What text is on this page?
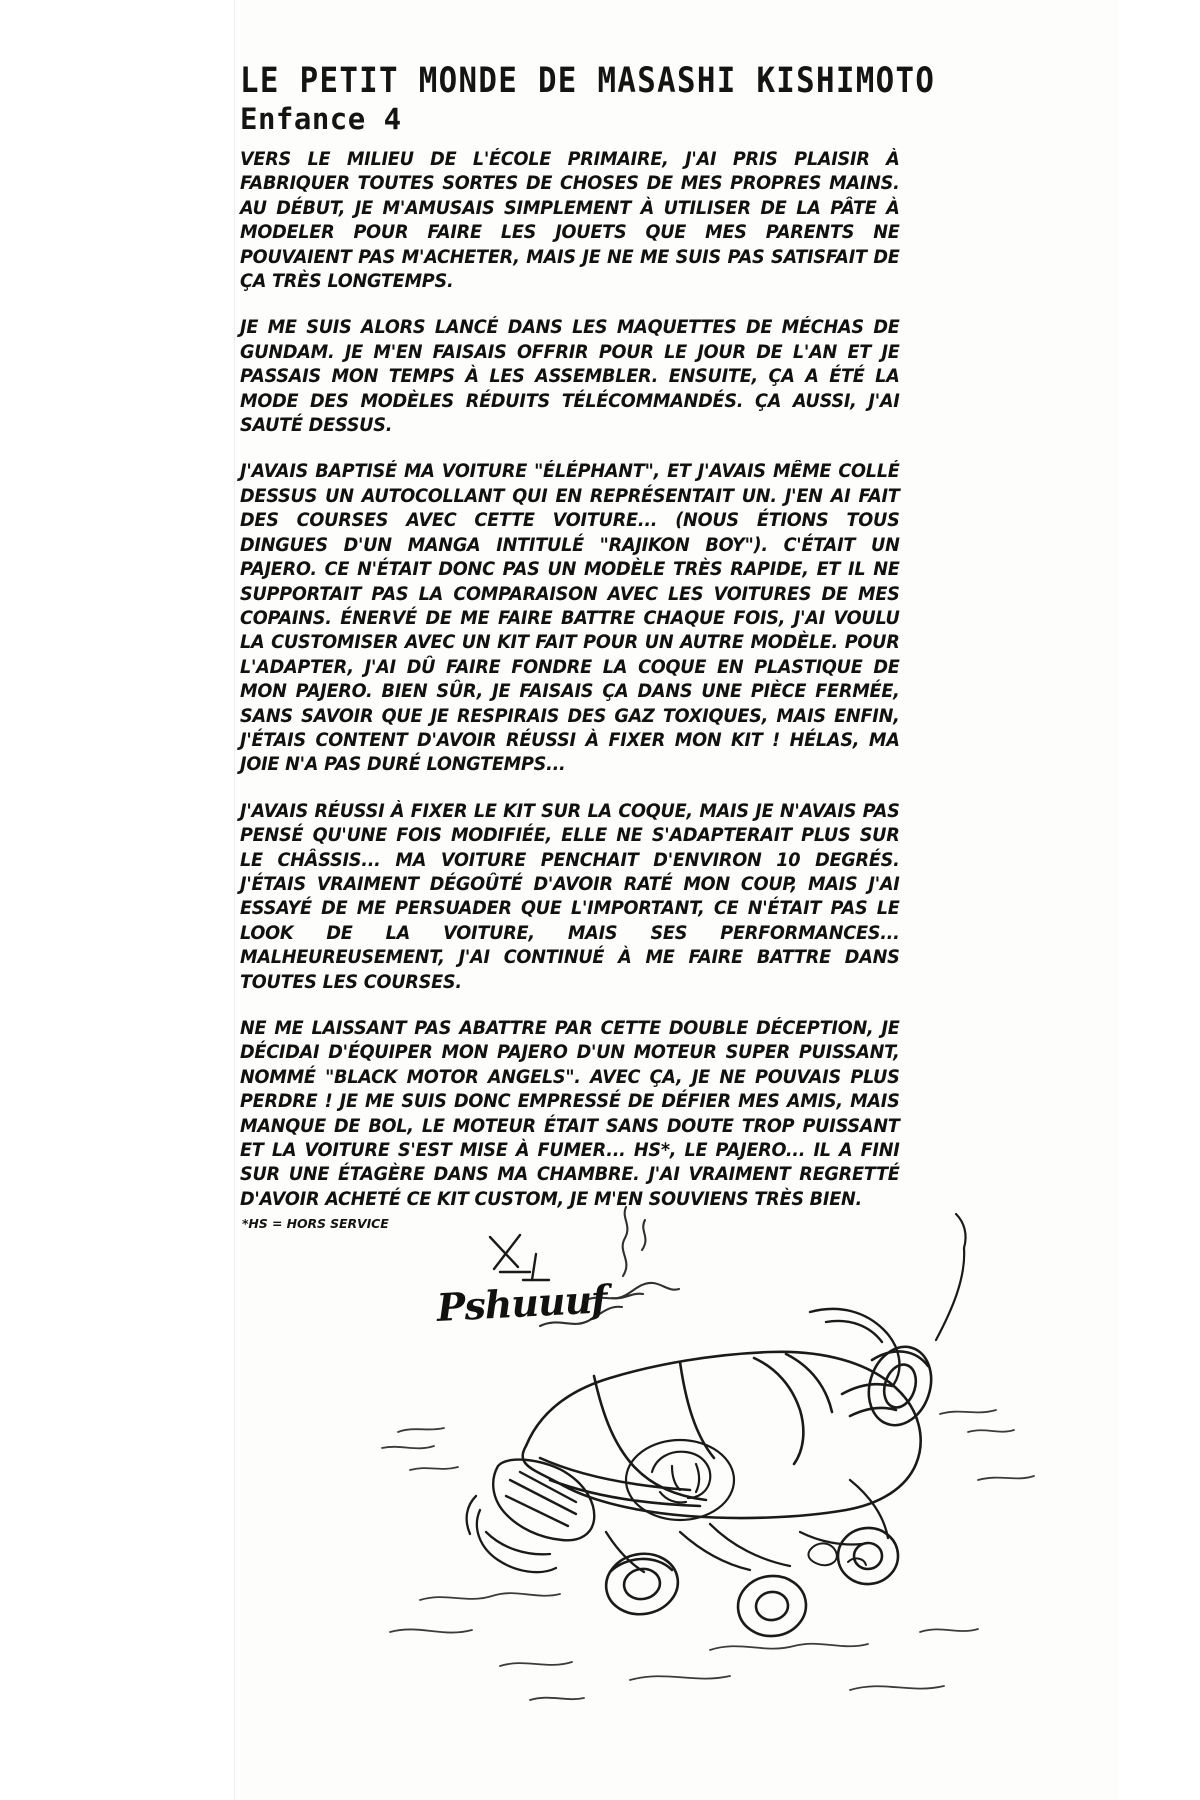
LE PETIT MONDE DE MASASHI KISHIMOTO
Enfance 4

VERS LE MILIEU DE L'ÉCOLE PRIMAIRE, J'AI PRIS PLAISIR À FABRIQUER TOUTES SORTES DE CHOSES DE MES PROPRES MAINS. AU DÉBUT, JE M'AMUSAIS SIMPLEMENT À UTILISER DE LA PÂTE À MODELER POUR FAIRE LES JOUETS QUE MES PARENTS NE POUVAIENT PAS M'ACHETER, MAIS JE NE ME SUIS PAS SATISFAIT DE ÇA TRÈS LONGTEMPS.

JE ME SUIS ALORS LANCÉ DANS LES MAQUETTES DE MÉCHAS DE GUNDAM. JE M'EN FAISAIS OFFRIR POUR LE JOUR DE L'AN ET JE PASSAIS MON TEMPS À LES ASSEMBLER. ENSUITE, ÇA A ÉTÉ LA MODE DES MODÈLES RÉDUITS TÉLÉCOMMANDÉS. ÇA AUSSI, J'AI SAUTÉ DESSUS.

J'AVAIS BAPTISÉ MA VOITURE "ÉLÉPHANT", ET J'AVAIS MÊME COLLÉ DESSUS UN AUTOCOLLANT QUI EN REPRÉSENTAIT UN. J'EN AI FAIT DES COURSES AVEC CETTE VOITURE... (NOUS ÉTIONS TOUS DINGUES D'UN MANGA INTITULÉ "RAJIKON BOY"). C'ÉTAIT UN PAJERO. CE N'ÉTAIT DONC PAS UN MODÈLE TRÈS RAPIDE, ET IL NE SUPPORTAIT PAS LA COMPARAISON AVEC LES VOITURES DE MES COPAINS. ÉNERVÉ DE ME FAIRE BATTRE CHAQUE FOIS, J'AI VOULU LA CUSTOMISER AVEC UN KIT FAIT POUR UN AUTRE MODÈLE. POUR L'ADAPTER, J'AI DÛ FAIRE FONDRE LA COQUE EN PLASTIQUE DE MON PAJERO. BIEN SÛR, JE FAISAIS ÇA DANS UNE PIÈCE FERMÉE, SANS SAVOIR QUE JE RESPIRAIS DES GAZ TOXIQUES, MAIS ENFIN, J'ÉTAIS CONTENT D'AVOIR RÉUSSI À FIXER MON KIT ! HÉLAS, MA JOIE N'A PAS DURÉ LONGTEMPS...

J'AVAIS RÉUSSI À FIXER LE KIT SUR LA COQUE, MAIS JE N'AVAIS PAS PENSÉ QU'UNE FOIS MODIFIÉE, ELLE NE S'ADAPTERAIT PLUS SUR LE CHÂSSIS... MA VOITURE PENCHAIT D'ENVIRON 10 DEGRÉS. J'ÉTAIS VRAIMENT DÉGOÛTÉ D'AVOIR RATÉ MON COUP, MAIS J'AI ESSAYÉ DE ME PERSUADER QUE L'IMPORTANT, CE N'ÉTAIT PAS LE LOOK DE LA VOITURE, MAIS SES PERFORMANCES... MALHEUREUSEMENT, J'AI CONTINUÉ À ME FAIRE BATTRE DANS TOUTES LES COURSES.

NE ME LAISSANT PAS ABATTRE PAR CETTE DOUBLE DÉCEPTION, JE DÉCIDAI D'ÉQUIPER MON PAJERO D'UN MOTEUR SUPER PUISSANT, NOMMÉ "BLACK MOTOR ANGELS". AVEC ÇA, JE NE POUVAIS PLUS PERDRE ! JE ME SUIS DONC EMPRESSÉ DE DÉFIER MES AMIS, MAIS MANQUE DE BOL, LE MOTEUR ÉTAIT SANS DOUTE TROP PUISSANT ET LA VOITURE S'EST MISE À FUMER... HS*, LE PAJERO... IL A FINI SUR UNE ÉTAGÈRE DANS MA CHAMBRE. J'AI VRAIMENT REGRETTÉ D'AVOIR ACHETÉ CE KIT CUSTOM, JE M'EN SOUVIENS TRÈS BIEN.

*HS = HORS SERVICE
Pshuuuf
